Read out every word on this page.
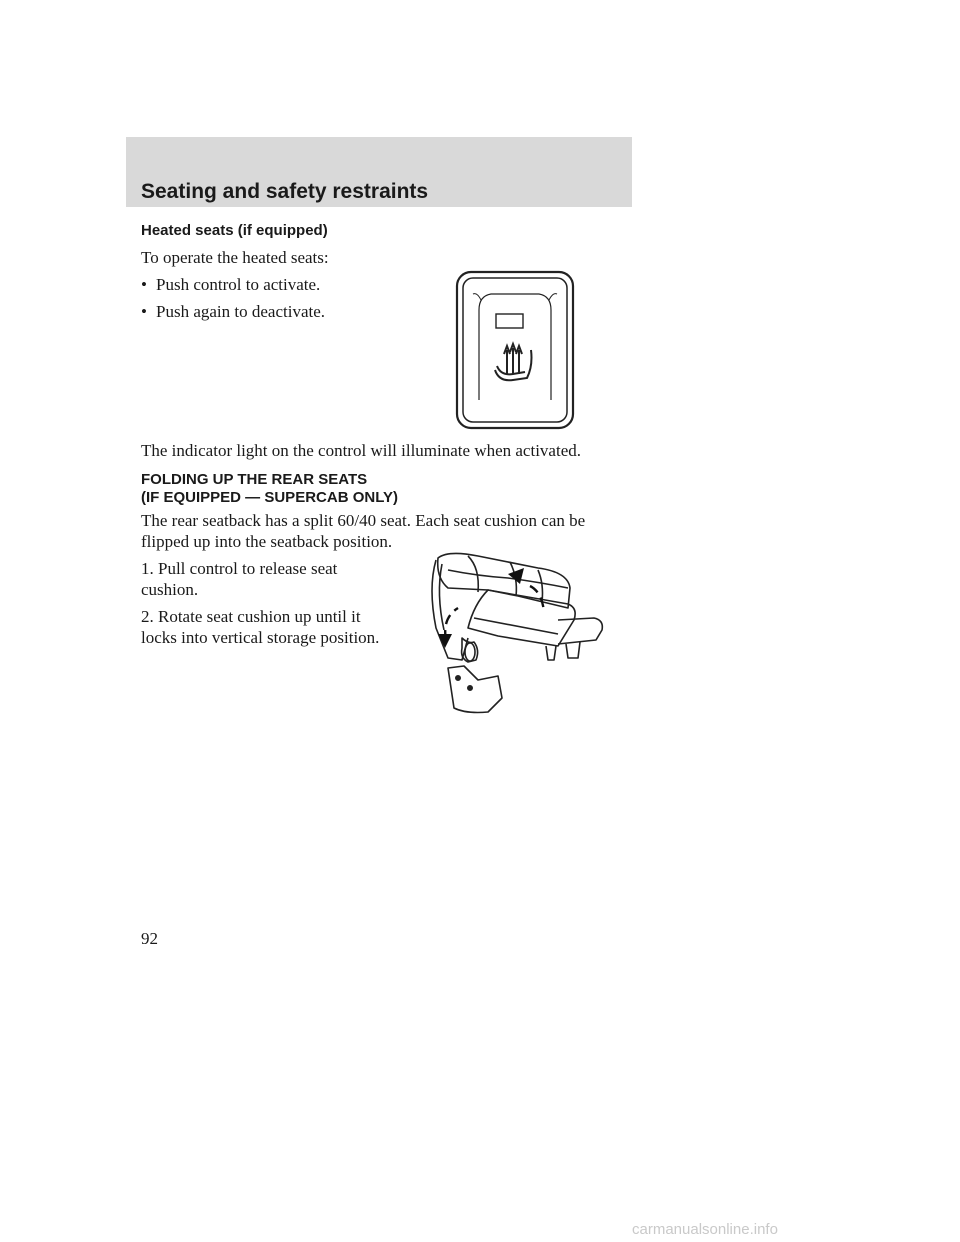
Seating and safety restraints
Heated seats (if equipped)
To operate the heated seats:
• Push control to activate.
• Push again to deactivate.
The indicator light on the control will illuminate when activated.
FOLDING UP THE REAR SEATS
(IF EQUIPPED — SUPERCAB ONLY)
The rear seatback has a split 60/40 seat. Each seat cushion can be
flipped up into the seatback position.
1. Pull control to release seat
cushion.
2. Rotate seat cushion up until it
locks into vertical storage position.
92
carmanualsonline.info
